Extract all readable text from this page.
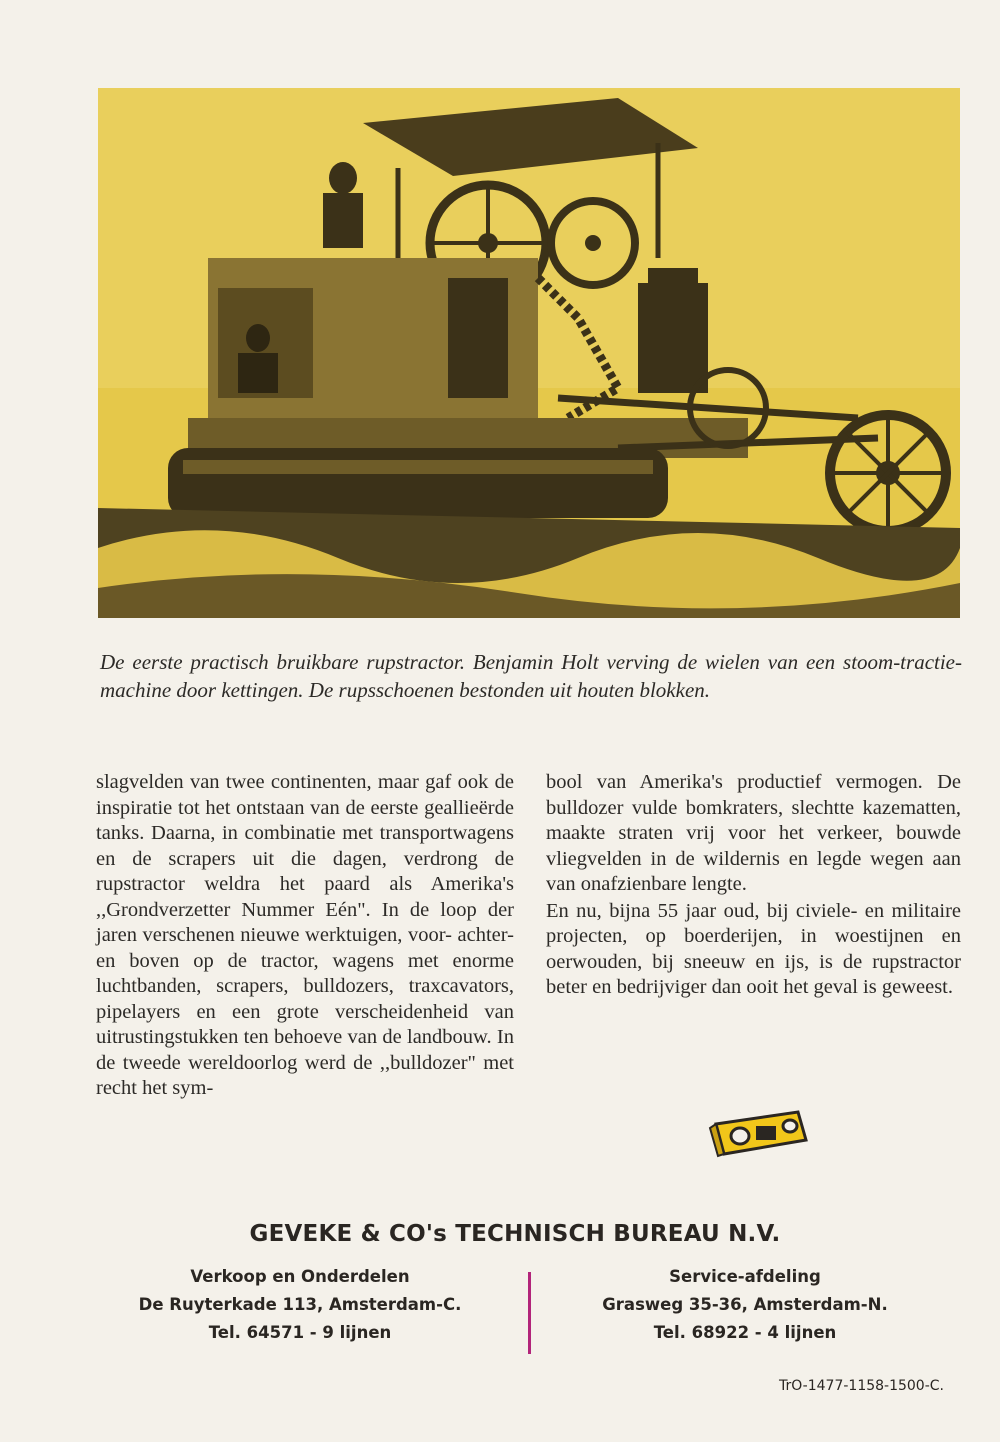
De eerste practisch bruikbare rupstractor. Benjamin Holt verving de wielen van een stoom-tractie-machine door kettingen. De rupsschoenen bestonden uit houten blokken.

slagvelden van twee continenten, maar gaf ook de inspiratie tot het ontstaan van de eerste geallieërde tanks. Daarna, in combinatie met transportwagens en de scrapers uit die dagen, verdrong de rupstractor weldra het paard als Amerika's ,,Grondverzetter Nummer Eén". In de loop der jaren verschenen nieuwe werktuigen, voor- achter- en boven op de tractor, wagens met enorme luchtbanden, scrapers, bulldozers, traxcavators, pipelayers en een grote verscheidenheid van uitrustingstukken ten behoeve van de landbouw. In de tweede wereldoorlog werd de ,,bulldozer" met recht het sym-

bool van Amerika's productief vermogen. De bulldozer vulde bomkraters, slechtte kazematten, maakte straten vrij voor het verkeer, bouwde vliegvelden in de wildernis en legde wegen aan van onafzienbare lengte.

En nu, bijna 55 jaar oud, bij civiele- en militaire projecten, op boerderijen, in woestijnen en oerwouden, bij sneeuw en ijs, is de rupstractor beter en bedrijviger dan ooit het geval is geweest.

GEVEKE & CO's TECHNISCH BUREAU N.V.
Verkoop en Onderdelen
De Ruyterkade 113, Amsterdam-C.
Tel. 64571 - 9 lijnen
Service-afdeling
Grasweg 35-36, Amsterdam-N.
Tel. 68922 - 4 lijnen
TrO-1477-1158-1500-C.
